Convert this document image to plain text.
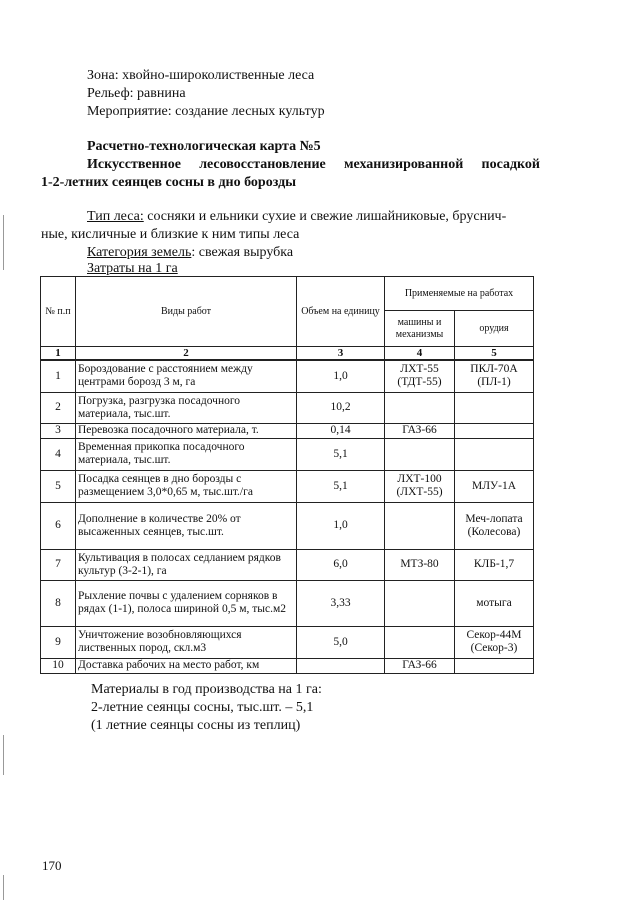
Зона: хвойно-широколиственные леса
Рельеф: равнина
Мероприятие: создание лесных культур
Расчетно-технологическая карта №5
Искусственное лесовосстановление механизированной посадкой
1-2-летних сеянцев сосны в дно борозды
Тип леса: сосняки и ельники сухие и свежие лишайниковые, бруснич-
ные, кисличные и близкие к ним типы леса
Категория земель: свежая вырубка
Затраты на 1 га
№ п.п	Виды работ	Объем на единицу	Применяемые на работах	
			машины и механизмы	орудия
1	2	3	4	5
1	Бороздование с расстоянием между центрами борозд 3 м, га	1,0	ЛХТ-55 (ТДТ-55)	ПКЛ-70А (ПЛ-1)
2	Погрузка, разгрузка посадочного материала, тыс.шт.	10,2		
3	Перевозка посадочного материала, т.	0,14	ГАЗ-66	
4	Временная прикопка посадочного материала, тыс.шт.	5,1		
5	Посадка сеянцев в дно борозды с размещением 3,0*0,65 м, тыс.шт./га	5,1	ЛХТ-100 (ЛХТ-55)	МЛУ-1А
6	Дополнение в количестве 20% от высаженных сеянцев, тыс.шт.	1,0		Меч-лопата (Колесова)
7	Культивация в полосах седланием рядков культур (3-2-1), га	6,0	МТЗ-80	КЛБ-1,7
8	Рыхление почвы с удалением сорняков в рядах (1-1), полоса шириной 0,5 м, тыс.м2	3,33		мотыга
9	Уничтожение возобновляющихся лиственных пород, скл.м3	5,0		Секор-44М (Секор-3)
10	Доставка рабочих на место работ, км		ГАЗ-66	
Материалы в год производства на 1 га:
2-летние сеянцы сосны, тыс.шт. – 5,1
(1 летние сеянцы сосны из теплиц)
170
